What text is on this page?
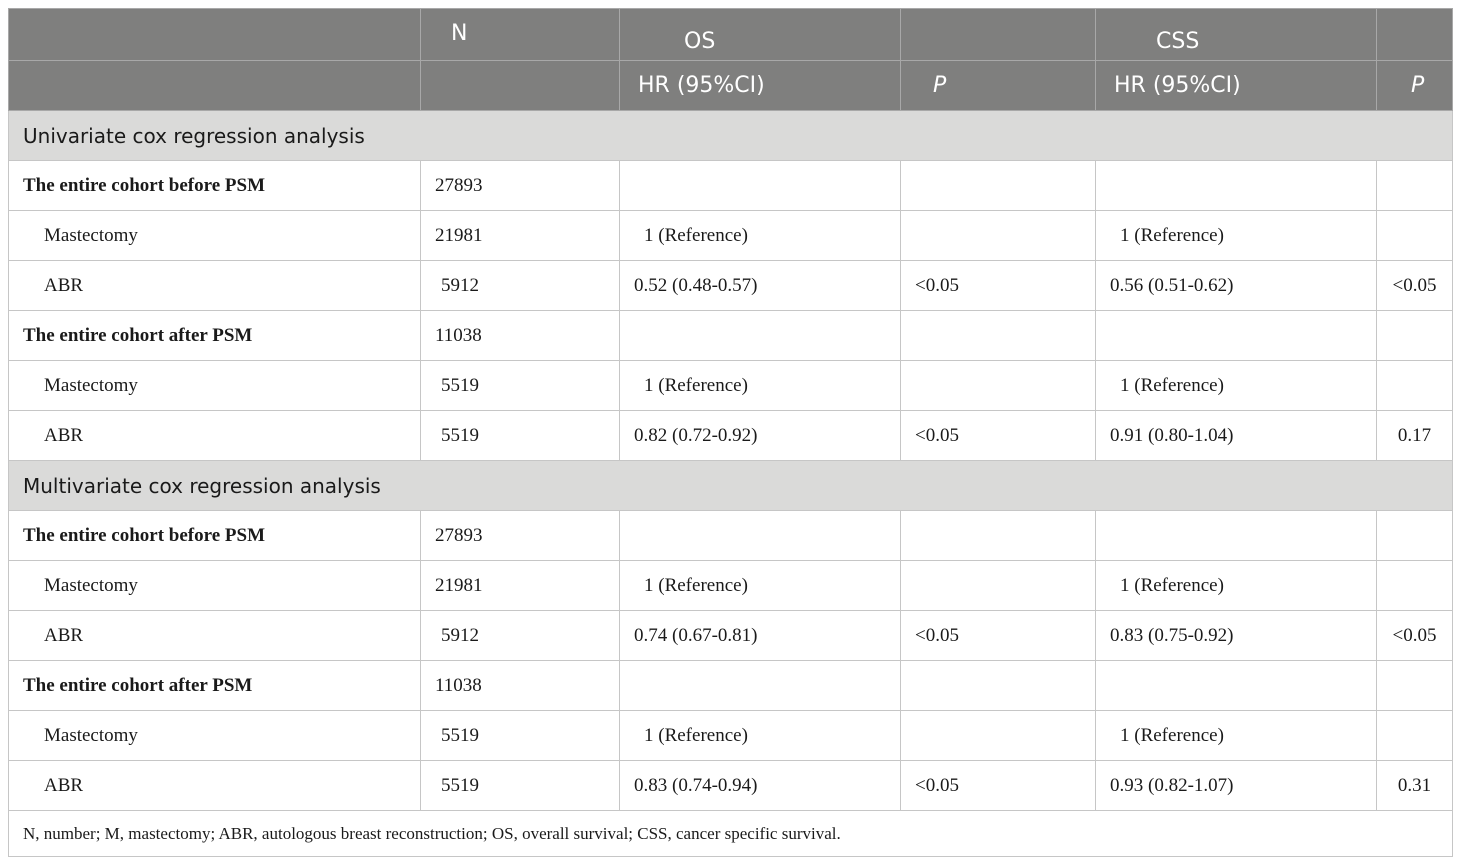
	N	OS		CSS	
		HR (95%CI)	P	HR (95%CI)	P
Univariate cox regression analysis					
The entire cohort before PSM	27893				
Mastectomy	21981	1 (Reference)		1 (Reference)	
ABR	5912	0.52 (0.48-0.57)	<0.05	0.56 (0.51-0.62)	<0.05
The entire cohort after PSM	11038				
Mastectomy	5519	1 (Reference)		1 (Reference)	
ABR	5519	0.82 (0.72-0.92)	<0.05	0.91 (0.80-1.04)	0.17
Multivariate cox regression analysis					
The entire cohort before PSM	27893				
Mastectomy	21981	1 (Reference)		1 (Reference)	
ABR	5912	0.74 (0.67-0.81)	<0.05	0.83 (0.75-0.92)	<0.05
The entire cohort after PSM	11038				
Mastectomy	5519	1 (Reference)		1 (Reference)	
ABR	5519	0.83 (0.74-0.94)	<0.05	0.93 (0.82-1.07)	0.31
N, number; M, mastectomy; ABR, autologous breast reconstruction; OS, overall survival; CSS, cancer specific survival.					
